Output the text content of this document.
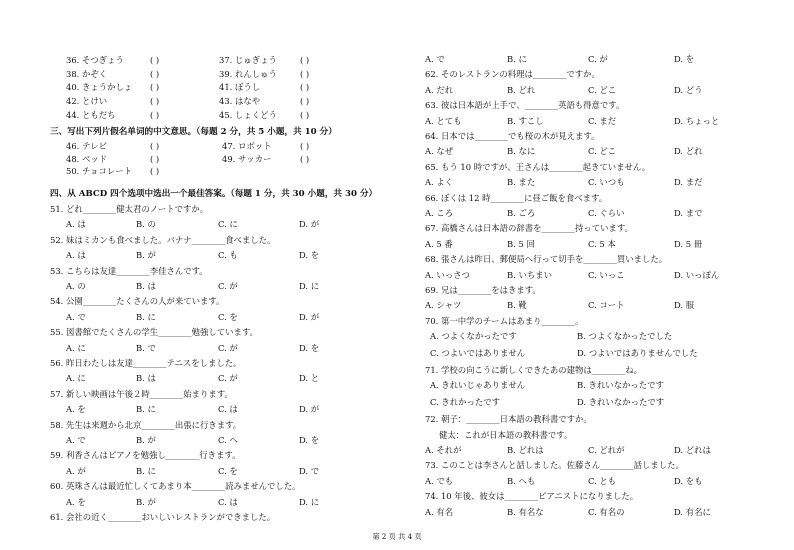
36. そつぎょう	( )	37. じゅぎょう	( )
38. かぞく	( )	39. れんしゅう	( )
40. きょうかしょ ( )	41. ぼうし	( )
42. とけい	( )	43. はなや	( )
44. ともだち	( )	45. しょくどう	( )
三、写出下列片假名单词的中文意思。（每题 2 分，共 5 小题，共 10 分）
46. テレビ	( )	47. ロボット	( )
48. ベッド	( )	49. サッカー	( )
50. チョコレート ( )
四、从 ABCD 四个选项中选出一个最佳答案。（每题 1 分，共 30 小题，共 30 分）
51. どれ________健太君のノートですか。
A. は	B. の	C. に	D. が
52. 妹はミカンも食べました。バナナ________食べました。
A. は	B. が	C. も	D. を
53. こちらは友達________李佳さんです。
A. の	B. は	C. が	D. に
54. 公園________たくさんの人が来ています。
A. で	B. に	C. を	D. が
55. 図書館でたくさんの学生________勉強しています。
A. に	B. で	C. が	D. を
56. 昨日わたしは友達________テニスをしました。
A. に	B. は	C. が	D. と
57. 新しい映画は午後２時________始まります。
A. を	B. に	C. は	D. が
58. 先生は来週から北京________出張に行きます。
A. で	B. が	C. へ	D. を
59. 利香さんはピアノを勉強し________行きます。
A. が	B. に	C. を	D. で
60. 英珠さんは最近忙しくてあまり本________読みませんでした。
A. を	B. が	C. は	D. に
61. 会社の近く________おいしいレストランができました。
A. で	B. に	C. が	D. を
62. そのレストランの料理は________ですか。
A. だれ	B. どれ	C. どこ	D. どう
63. 彼は日本語が上手で、________英語も得意です。
A. とても	B. すこし	C. まだ	D. ちょっと
64. 日本では________でも桜の木が見えます。
A. なぜ	B. なに	C. どこ	D. どれ
65. もう 10 時ですが、王さんは________起きていません。
A. よく	B. また	C. いつも	D. まだ
66. ぼくは 12 時________に昼ご飯を食べます。
A. ころ	B. ごろ	C. ぐらい	D. まで
67. 高橋さんは日本語の辞書を________持っています。
A. 5 番	B. 5 回	C. 5 本	D. 5 冊
68. 張さんは昨日、郵便局へ行って切手を________買いました。
A. いっさつ	B. いちまい	C. いっこ	D. いっぽん
69. 兄は________をはきます。
A. シャツ	B. 靴	C. コート	D. 服
70. 第一中学のチームはあまり________。
A. つよくなかったです	B. つよくなかったでした
C. つよいではありません	D. つよいではありませんでした
71. 学校の向こうに新しくできたあの建物は________ね。
A. きれいじゃありません	B. きれいなかったです
C. きれかったです	D. きれいなかったです
72. 朝子：________日本語の教科書ですか。
健太：これが日本語の教科書です。
A. それが	B. どれは	C. どれが	D. どれは
73. このことは李さんと話しました。佐藤さん________話しました。
A. でも	B. へも	C. とも	D. をも
74. 10 年後、彼女は________ピアニストになりました。
A. 有名	B. 有名な	C. 有名の	D. 有名に
第 2 页 共 4 页
